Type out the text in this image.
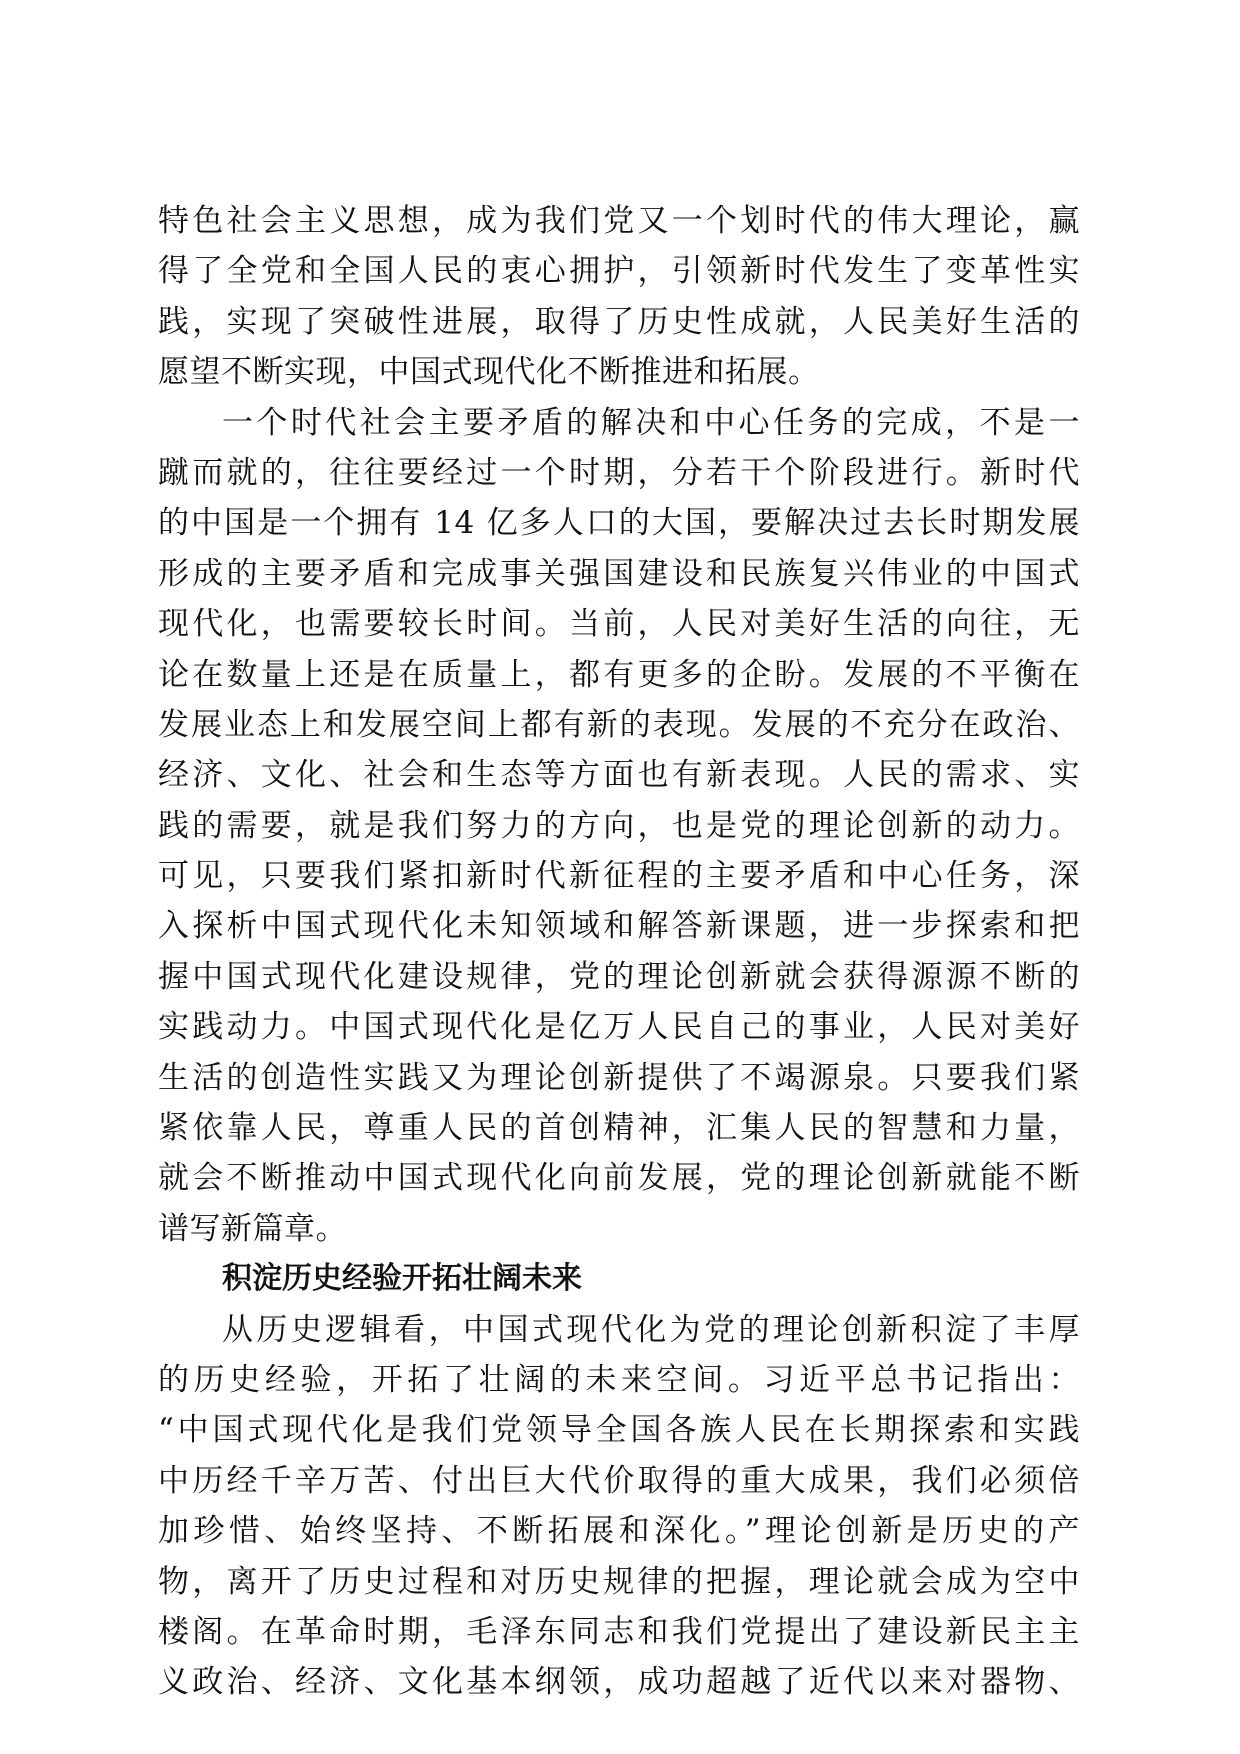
特色社会主义思想，成为我们党又一个划时代的伟大理论，赢
得了全党和全国人民的衷心拥护，引领新时代发生了变革性实
践，实现了突破性进展，取得了历史性成就，人民美好生活的
愿望不断实现，中国式现代化不断推进和拓展。
一个时代社会主要矛盾的解决和中心任务的完成，不是一
蹴而就的，往往要经过一个时期，分若干个阶段进行。新时代
的中国是一个拥有 14 亿多人口的大国，要解决过去长时期发展
形成的主要矛盾和完成事关强国建设和民族复兴伟业的中国式
现代化，也需要较长时间。当前，人民对美好生活的向往，无
论在数量上还是在质量上，都有更多的企盼。发展的不平衡在
发展业态上和发展空间上都有新的表现。发展的不充分在政治、
经济、文化、社会和生态等方面也有新表现。人民的需求、实
践的需要，就是我们努力的方向，也是党的理论创新的动力。
可见，只要我们紧扣新时代新征程的主要矛盾和中心任务，深
入探析中国式现代化未知领域和解答新课题，进一步探索和把
握中国式现代化建设规律，党的理论创新就会获得源源不断的
实践动力。中国式现代化是亿万人民自己的事业，人民对美好
生活的创造性实践又为理论创新提供了不竭源泉。只要我们紧
紧依靠人民，尊重人民的首创精神，汇集人民的智慧和力量，
就会不断推动中国式现代化向前发展，党的理论创新就能不断
谱写新篇章。
积淀历史经验开拓壮阔未来
从历史逻辑看，中国式现代化为党的理论创新积淀了丰厚
的历史经验，开拓了壮阔的未来空间。习近平总书记指出：
“中国式现代化是我们党领导全国各族人民在长期探索和实践
中历经千辛万苦、付出巨大代价取得的重大成果，我们必须倍
加珍惜、始终坚持、不断拓展和深化。”理论创新是历史的产
物，离开了历史过程和对历史规律的把握，理论就会成为空中
楼阁。在革命时期，毛泽东同志和我们党提出了建设新民主主
义政治、经济、文化基本纲领，成功超越了近代以来对器物、
